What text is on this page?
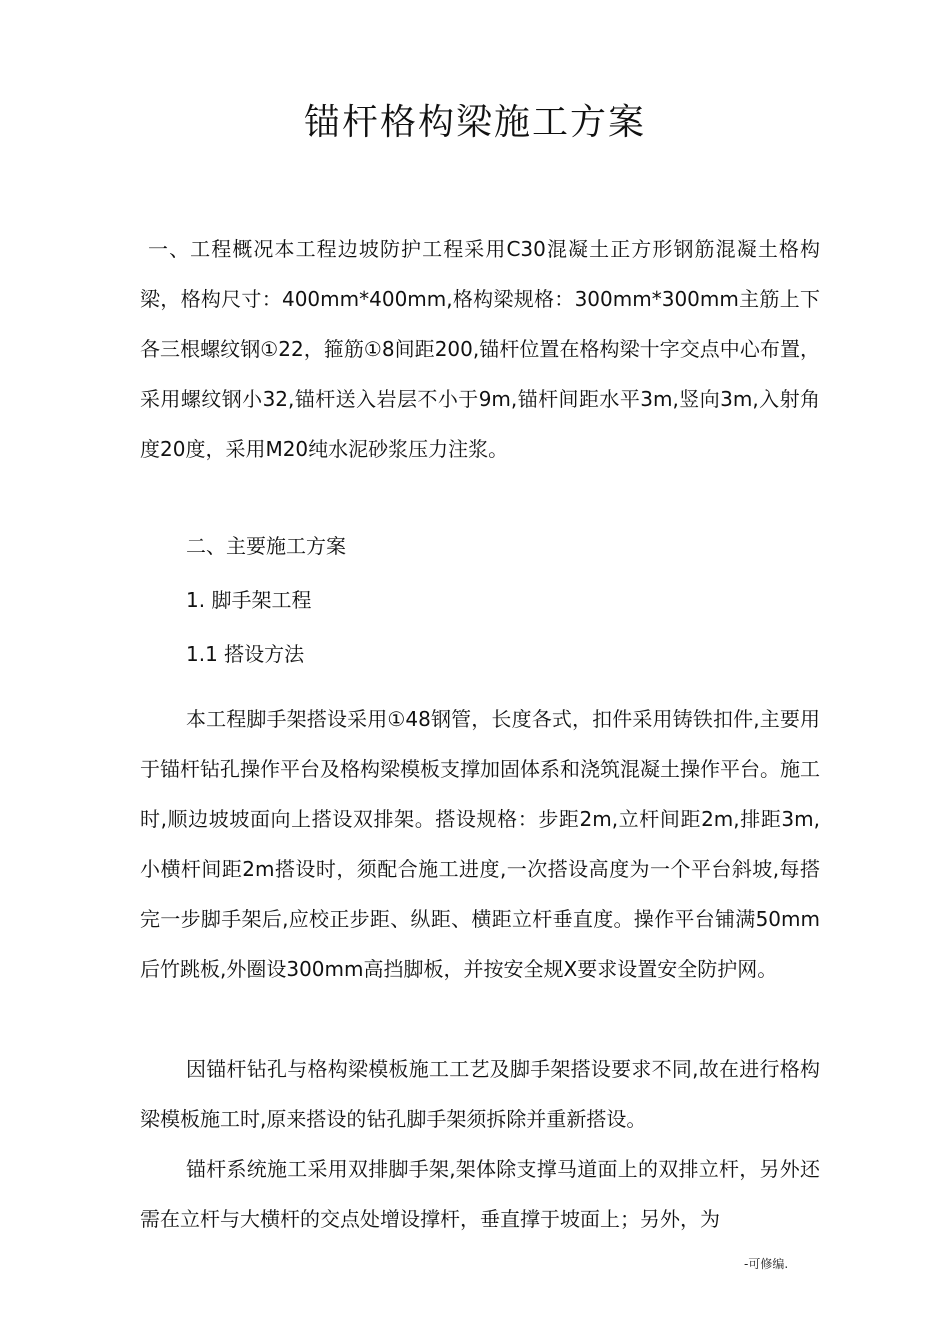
锚杆格构梁施工方案

一、工程概况本工程边坡防护工程采用C30混凝土正方形钢筋混凝土格构梁，格构尺寸：400mm*400mm,格构梁规格：300mm*300mm主筋上下各三根螺纹钢①22，箍筋①8间距200,锚杆位置在格构梁十字交点中心布置，采用螺纹钢小32,锚杆送入岩层不小于9m,锚杆间距水平3m,竖向3m,入射角度20度，采用M20纯水泥砂浆压力注浆。

二、主要施工方案
1. 脚手架工程
1.1 搭设方法

本工程脚手架搭设采用①48钢管，长度各式，扣件采用铸铁扣件,主要用于锚杆钻孔操作平台及格构梁模板支撑加固体系和浇筑混凝土操作平台。施工时,顺边坡坡面向上搭设双排架。搭设规格：步距2m,立杆间距2m,排距3m,小横杆间距2m搭设时，须配合施工进度,一次搭设高度为一个平台斜坡,每搭完一步脚手架后,应校正步距、纵距、横距立杆垂直度。操作平台铺满50mm后竹跳板,外圈设300mm高挡脚板，并按安全规X要求设置安全防护网。

因锚杆钻孔与格构梁模板施工工艺及脚手架搭设要求不同,故在进行格构梁模板施工时,原来搭设的钻孔脚手架须拆除并重新搭设。

锚杆系统施工采用双排脚手架,架体除支撑马道面上的双排立杆，另外还需在立杆与大横杆的交点处增设撑杆，垂直撑于坡面上；另外，为

-可修编.
